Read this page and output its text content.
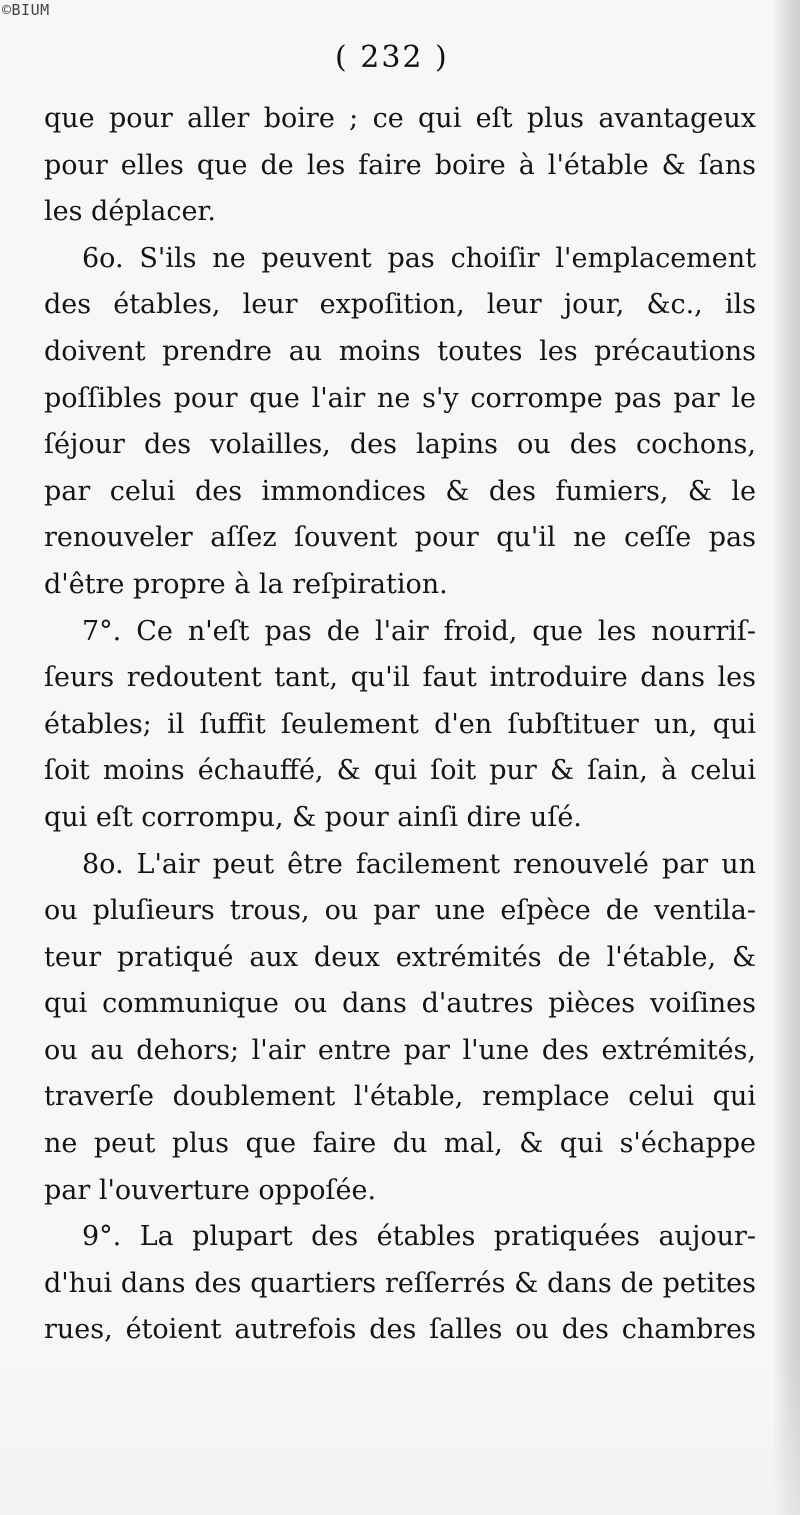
©BIUM
( 232 )
que pour aller boire ; ce qui eſt plus avantageux
pour elles que de les faire boire à l'étable & ſans
les déplacer.
6o. S'ils ne peuvent pas choiſir l'emplacement
des étables, leur expoſition, leur jour, &c., ils
doivent prendre au moins toutes les précautions
poſſibles pour que l'air ne s'y corrompe pas par le
ſéjour des volailles, des lapins ou des cochons,
par celui des immondices & des fumiers, & le
renouveler aſſez ſouvent pour qu'il ne ceſſe pas
d'être propre à la reſpiration.
7°. Ce n'eſt pas de l'air froid, que les nourriſ-
ſeurs redoutent tant, qu'il faut introduire dans les
étables; il ſuffit ſeulement d'en ſubſtituer un, qui
ſoit moins échauffé, & qui ſoit pur & ſain, à celui
qui eſt corrompu, & pour ainſi dire uſé.
8o. L'air peut être facilement renouvelé par un
ou pluſieurs trous, ou par une eſpèce de ventila-
teur pratiqué aux deux extrémités de l'étable, &
qui communique ou dans d'autres pièces voiſines
ou au dehors; l'air entre par l'une des extrémités,
traverſe doublement l'étable, remplace celui qui
ne peut plus que faire du mal, & qui s'échappe
par l'ouverture oppoſée.
9°. La plupart des étables pratiquées aujour-
d'hui dans des quartiers reſſerrés & dans de petites
rues, étoient autrefois des ſalles ou des chambres
